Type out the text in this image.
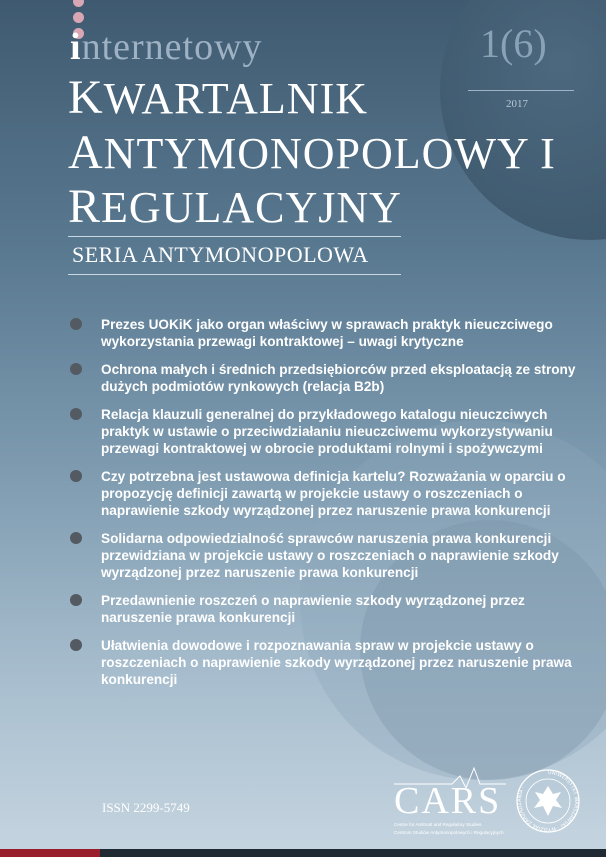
internetowy	1(6)
2017
KWARTALNIK
ANTYMONOPOLOWY I
REGULACYJNY
SERIA ANTYMONOPOLOWA
Prezes UOKiK jako organ właściwy w sprawach praktyk nieuczciwego wykorzystania przewagi kontraktowej – uwagi krytyczne
Ochrona małych i średnich przedsiębiorców przed eksploatacją ze strony dużych podmiotów rynkowych (relacja B2b)
Relacja klauzuli generalnej do przykładowego katalogu nieuczciwych praktyk w ustawie o przeciwdziałaniu nieuczciwemu wykorzystywaniu przewagi kontraktowej w obrocie produktami rolnymi i spożywczymi
Czy potrzebna jest ustawowa definicja kartelu? Rozważania w oparciu o propozycję definicji zawartą w projekcie ustawy o roszczeniach o naprawienie szkody wyrządzonej przez naruszenie prawa konkurencji
Solidarna odpowiedzialność sprawców naruszenia prawa konkurencji przewidziana w projekcie ustawy o roszczeniach o naprawienie szkody wyrządzonej przez naruszenie prawa konkurencji
Przedawnienie roszczeń o naprawienie szkody wyrządzonej przez naruszenie prawa konkurencji
Ułatwienia dowodowe i rozpoznawania spraw w projekcie ustawy o roszczeniach o naprawienie szkody wyrządzonej przez naruszenie prawa konkurencji
ISSN 2299-5749	CARS
Centre for Antitrust and Regulatory Studies
Centrum Studiów Antymonopolowych i Regulacyjnych
UNIWERSYTET WARSZAWSKI · WYDZIAŁ ZARZĄDZANIA ·
